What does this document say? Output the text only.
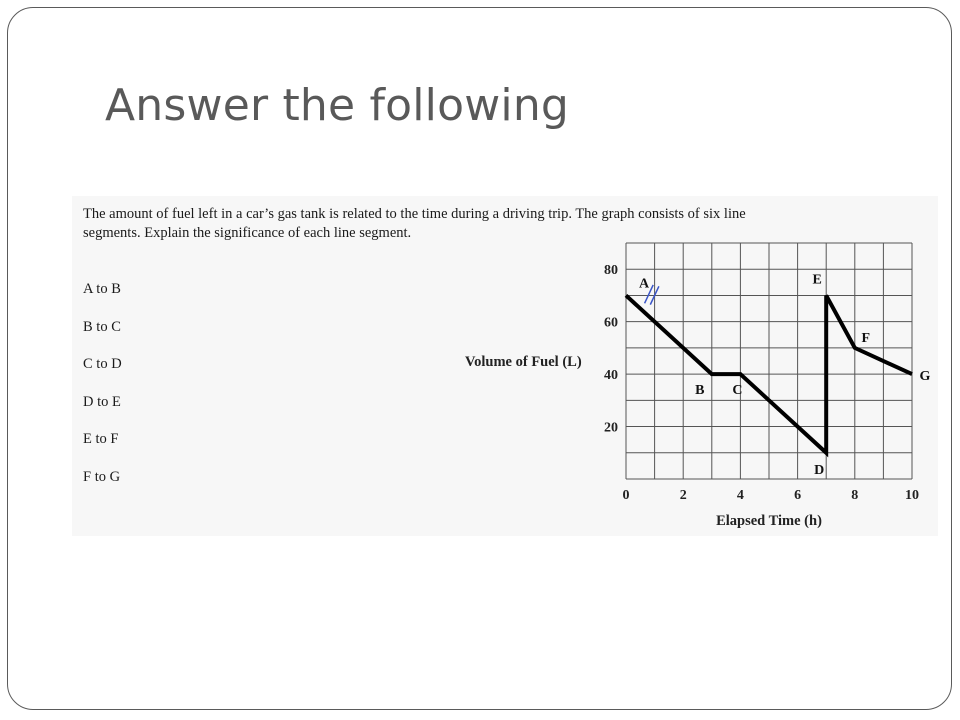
Answer the following
The amount of fuel left in a car’s gas tank is related to the time during a driving trip. The graph consists of six line
segments. Explain the significance of each line segment.
A to B
B to C
C to D
D to E
E to F
F to G
0	2	4	6	8	10
20
40
60
80
Elapsed Time (h)
Volume of Fuel (L)
A
B C
D
E
F
G
